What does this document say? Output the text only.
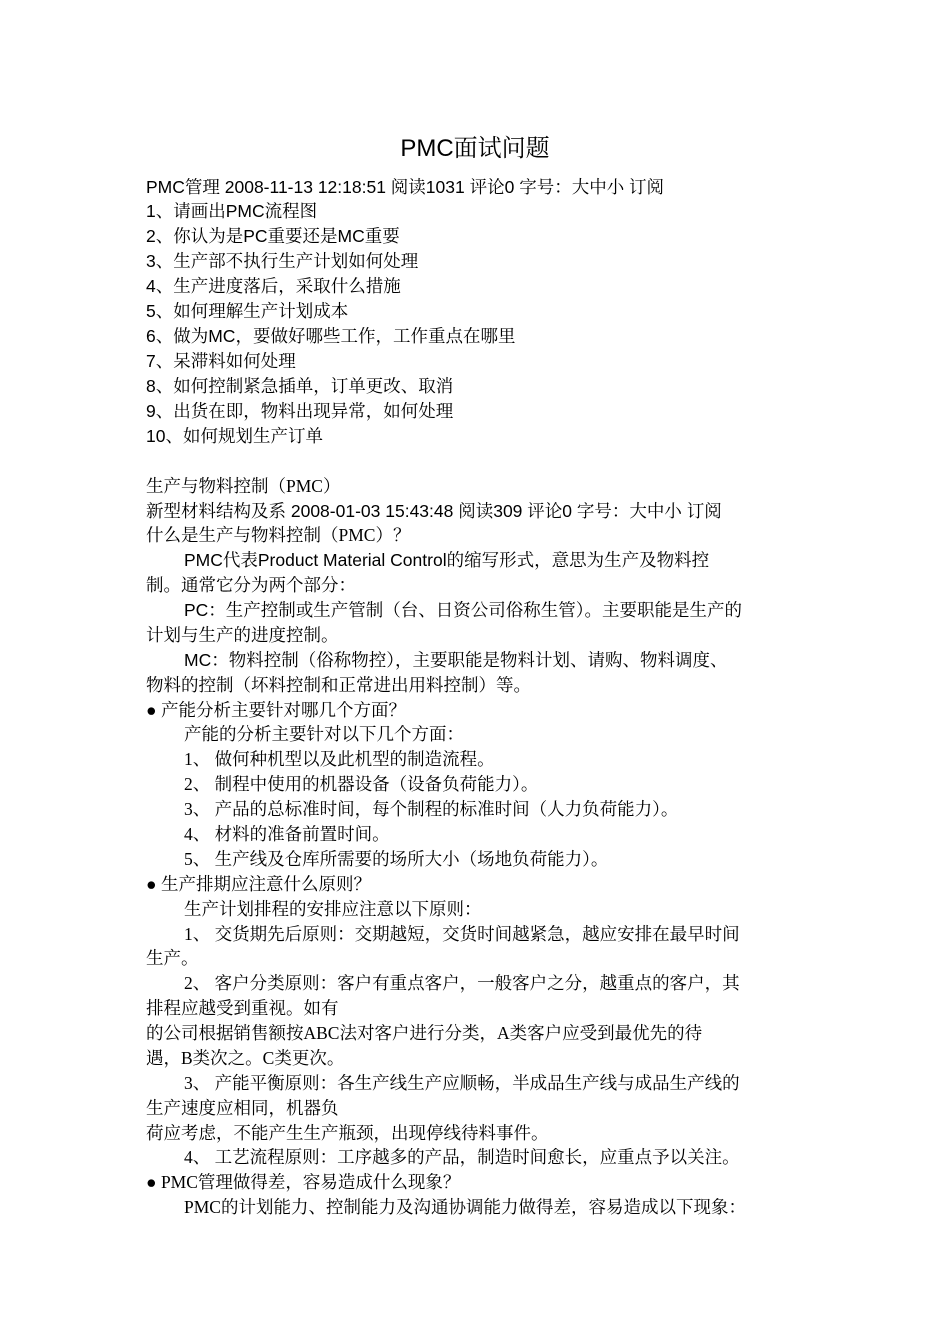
PMC面试问题
PMC管理 2008-11-13 12:18:51 阅读1031 评论0 字号：大中小 订阅
1、请画出PMC流程图
2、你认为是PC重要还是MC重要
3、生产部不执行生产计划如何处理
4、生产进度落后，采取什么措施
5、如何理解生产计划成本
6、做为MC，要做好哪些工作，工作重点在哪里
7、呆滞料如何处理
8、如何控制紧急插单，订单更改、取消
9、出货在即，物料出现异常，如何处理
10、如何规划生产订单
生产与物料控制（PMC）
新型材料结构及系 2008-01-03 15:43:48 阅读309 评论0 字号：大中小 订阅
什么是生产与物料控制（PMC）？
PMC代表Product Material Control的缩写形式，意思为生产及物料控
制。通常它分为两个部分：
PC：生产控制或生产管制（台、日资公司俗称生管）。主要职能是生产的
计划与生产的进度控制。
MC：物料控制（俗称物控），主要职能是物料计划、请购、物料调度、
物料的控制（坏料控制和正常进出用料控制）等。
● 产能分析主要针对哪几个方面？
产能的分析主要针对以下几个方面：
1、 做何种机型以及此机型的制造流程。
2、 制程中使用的机器设备（设备负荷能力）。
3、 产品的总标准时间，每个制程的标准时间（人力负荷能力）。
4、 材料的准备前置时间。
5、 生产线及仓库所需要的场所大小（场地负荷能力）。
● 生产排期应注意什么原则？
生产计划排程的安排应注意以下原则：
1、 交货期先后原则：交期越短，交货时间越紧急，越应安排在最早时间
生产。
2、 客户分类原则：客户有重点客户，一般客户之分，越重点的客户，其
排程应越受到重视。如有
的公司根据销售额按ABC法对客户进行分类，A类客户应受到最优先的待
遇，B类次之。C类更次。
3、 产能平衡原则：各生产线生产应顺畅，半成品生产线与成品生产线的
生产速度应相同，机器负
荷应考虑，不能产生生产瓶颈，出现停线待料事件。
4、 工艺流程原则：工序越多的产品，制造时间愈长，应重点予以关注。
● PMC管理做得差，容易造成什么现象？
PMC的计划能力、控制能力及沟通协调能力做得差，容易造成以下现象：
